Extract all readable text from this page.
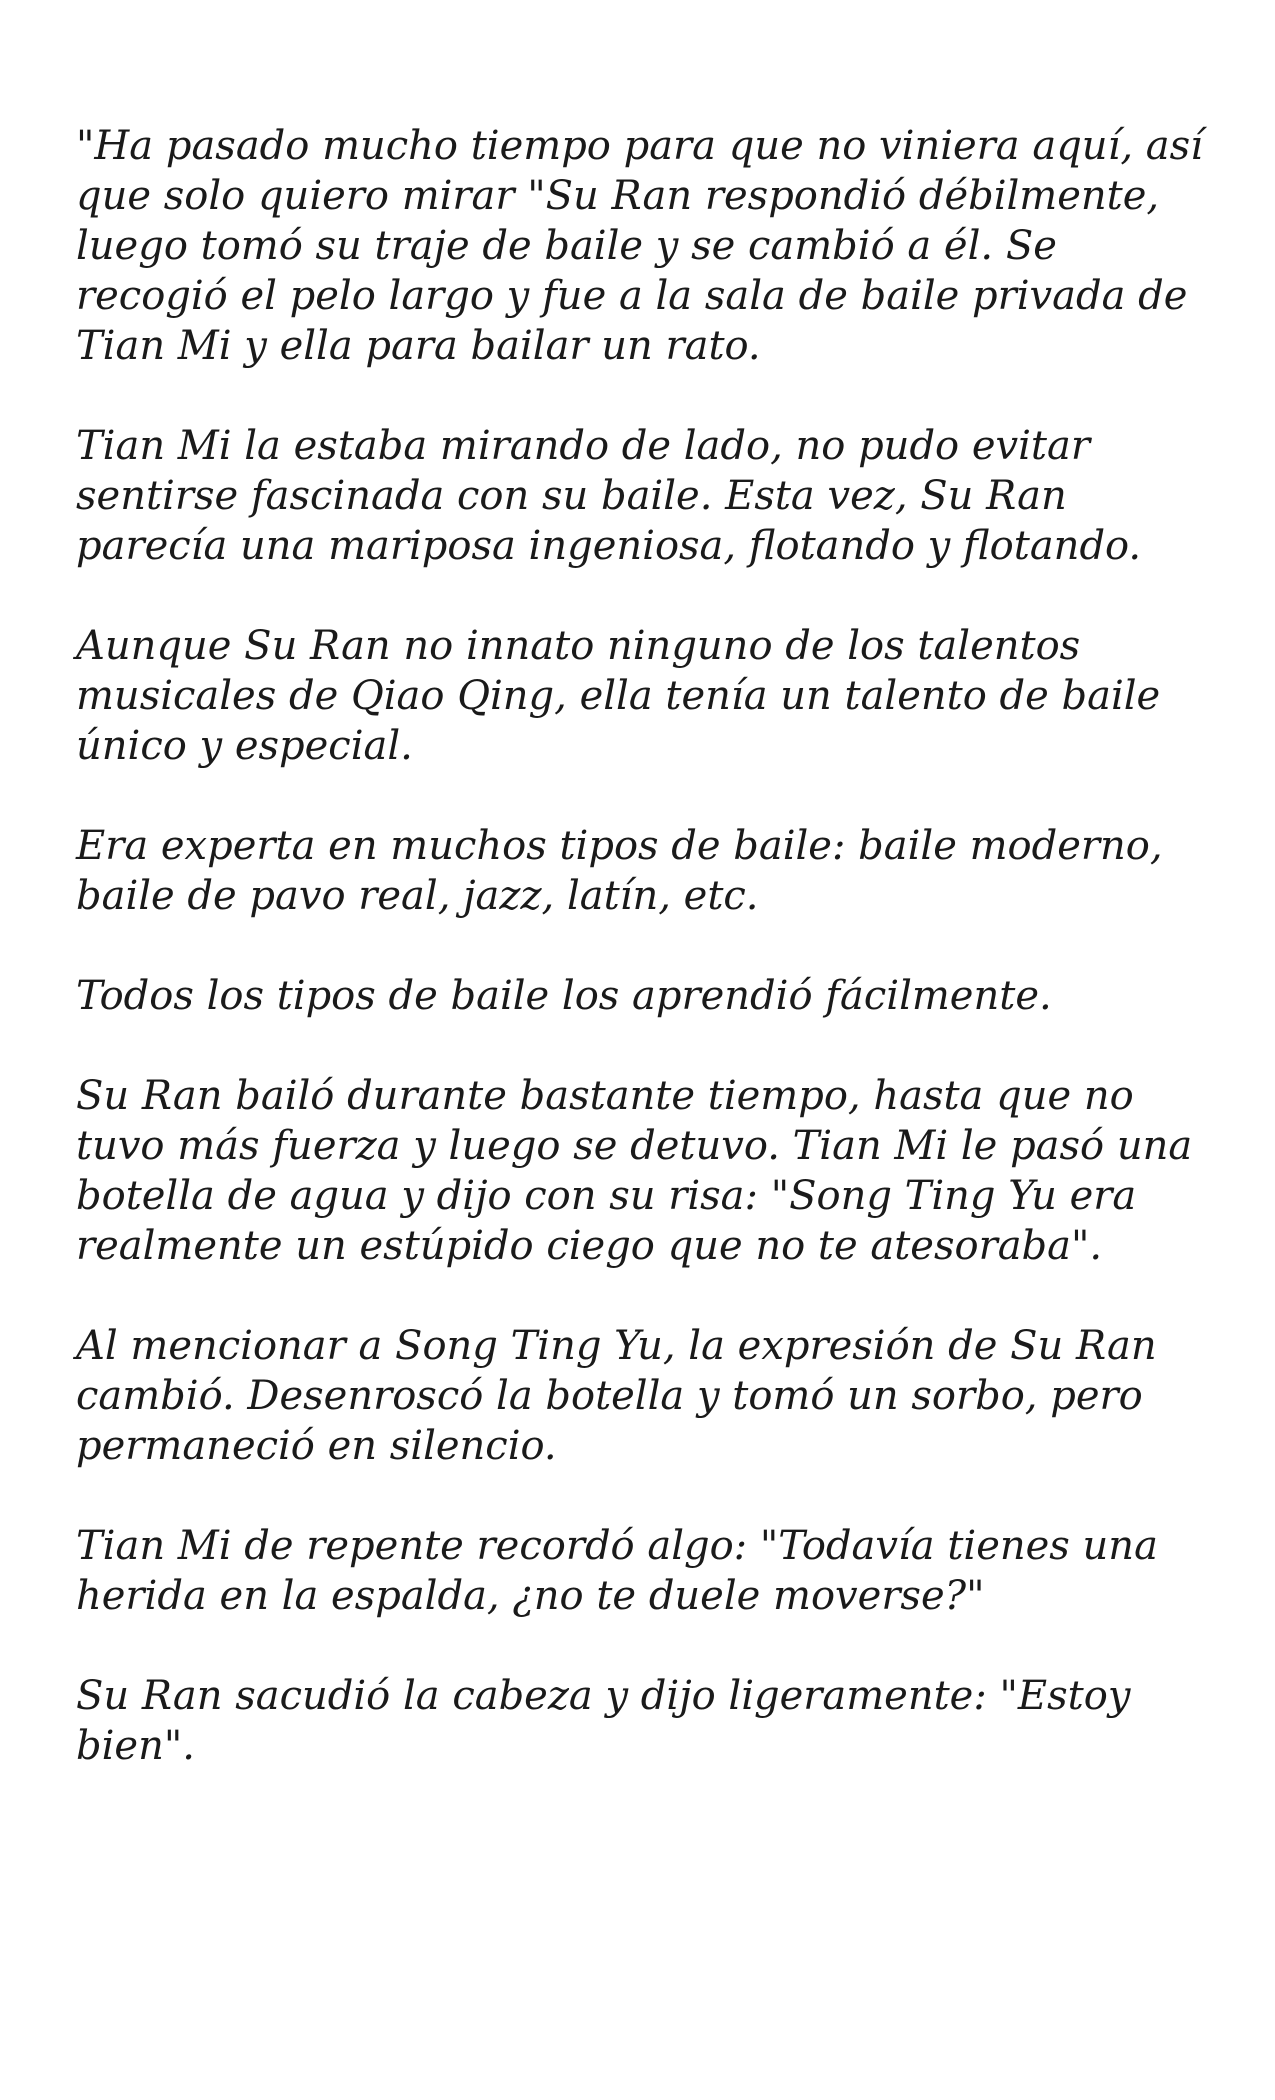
"Ha pasado mucho tiempo para que no viniera aquí, así que solo quiero mirar "Su Ran respondió débilmente, luego tomó su traje de baile y se cambió a él. Se recogió el pelo largo y fue a la sala de baile privada de Tian Mi y ella para bailar un rato.

Tian Mi la estaba mirando de lado, no pudo evitar sentirse fascinada con su baile. Esta vez, Su Ran parecía una mariposa ingeniosa, flotando y flotando.

Aunque Su Ran no innato ninguno de los talentos musicales de Qiao Qing, ella tenía un talento de baile único y especial.

Era experta en muchos tipos de baile: baile moderno, baile de pavo real, jazz, latín, etc.

Todos los tipos de baile los aprendió fácilmente.

Su Ran bailó durante bastante tiempo, hasta que no tuvo más fuerza y luego se detuvo. Tian Mi le pasó una botella de agua y dijo con su risa: "Song Ting Yu era realmente un estúpido ciego que no te atesoraba".

Al mencionar a Song Ting Yu, la expresión de Su Ran cambió. Desenroscó la botella y tomó un sorbo, pero permaneció en silencio.

Tian Mi de repente recordó algo: "Todavía tienes una herida en la espalda, ¿no te duele moverse?"

Su Ran sacudió la cabeza y dijo ligeramente: "Estoy bien".
